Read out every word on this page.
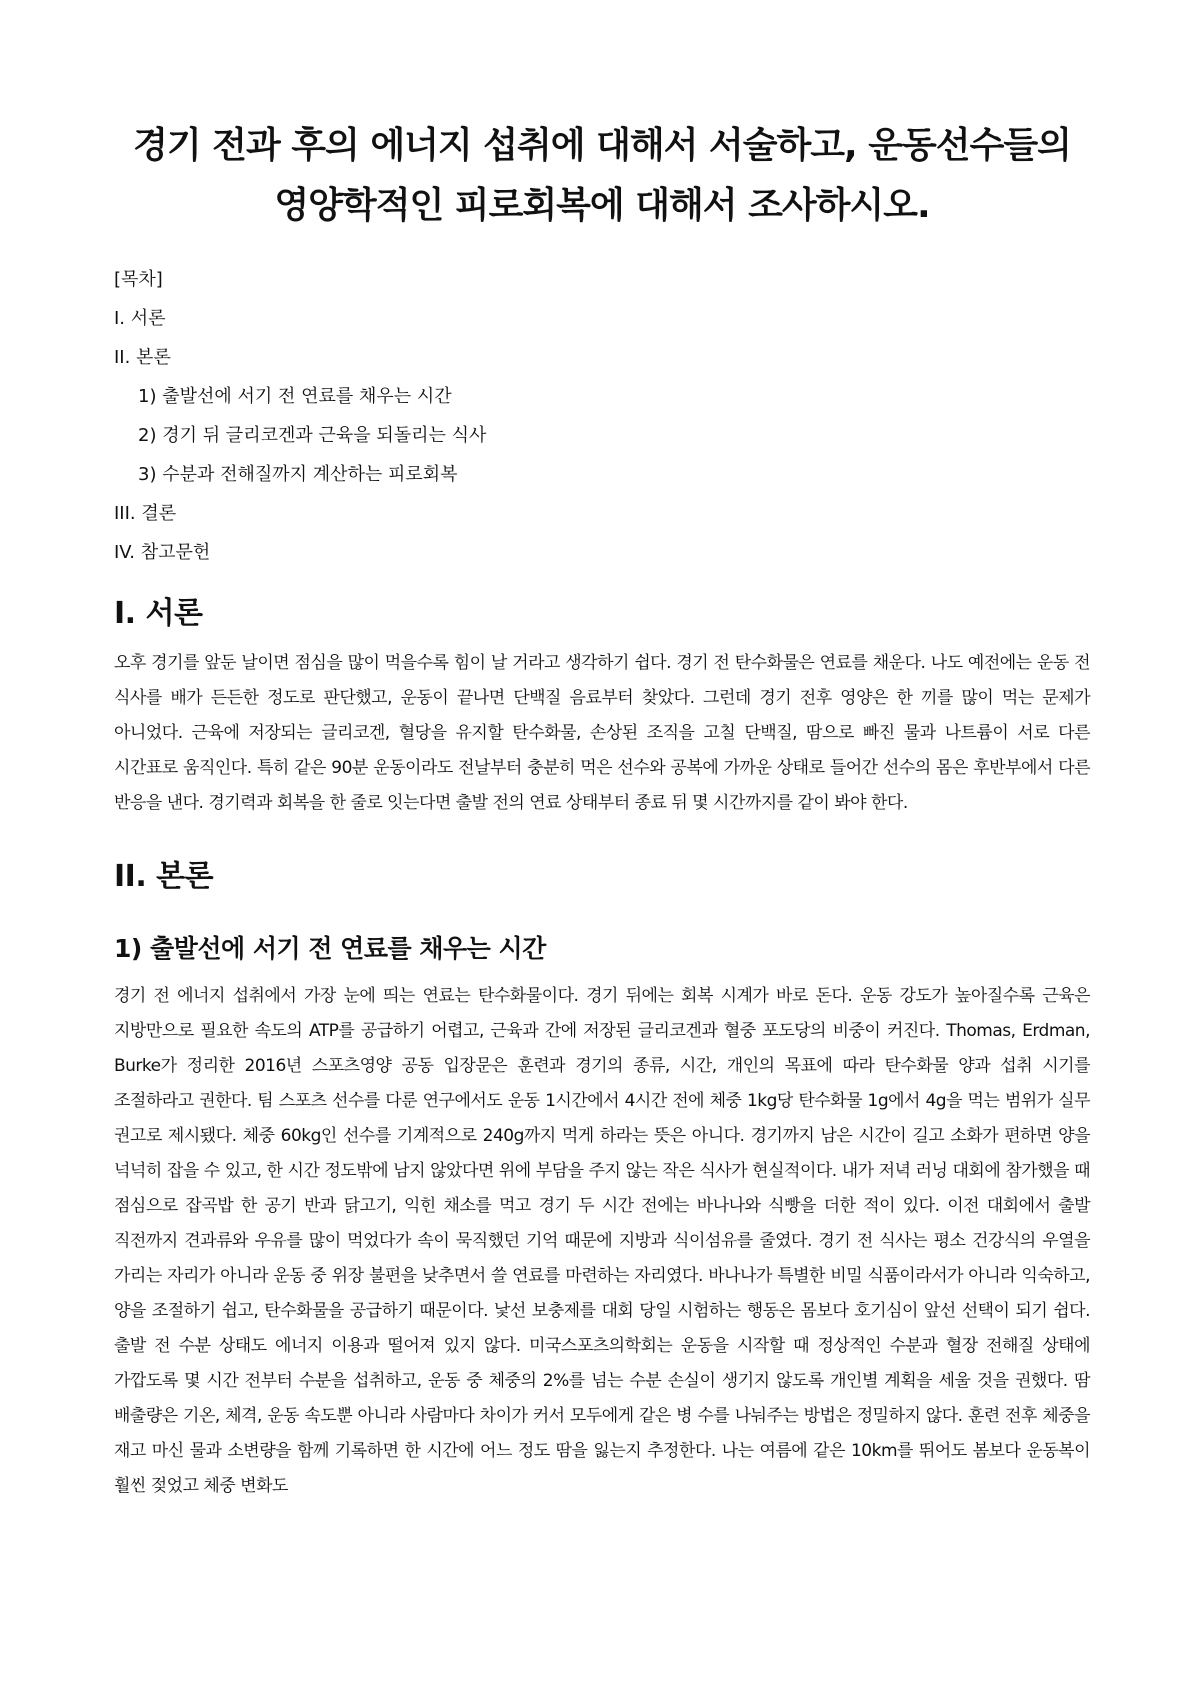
경기 전과 후의 에너지 섭취에 대해서 서술하고, 운동선수들의
영양학적인 피로회복에 대해서 조사하시오.
[목차]
I. 서론
II. 본론
1) 출발선에 서기 전 연료를 채우는 시간
2) 경기 뒤 글리코겐과 근육을 되돌리는 식사
3) 수분과 전해질까지 계산하는 피로회복
III. 결론
IV. 참고문헌
I. 서론

오후 경기를 앞둔 날이면 점심을 많이 먹을수록 힘이 날 거라고 생각하기 쉽다. 경기 전 탄수화물은 연료를 채운다. 나도 예전에는 운동 전 식사를 배가 든든한 정도로 판단했고, 운동이 끝나면 단백질 음료부터 찾았다. 그런데 경기 전후 영양은 한 끼를 많이 먹는 문제가 아니었다. 근육에 저장되는 글리코겐, 혈당을 유지할 탄수화물, 손상된 조직을 고칠 단백질, 땀으로 빠진 물과 나트륨이 서로 다른 시간표로 움직인다. 특히 같은 90분 운동이라도 전날부터 충분히 먹은 선수와 공복에 가까운 상태로 들어간 선수의 몸은 후반부에서 다른 반응을 낸다. 경기력과 회복을 한 줄로 잇는다면 출발 전의 연료 상태부터 종료 뒤 몇 시간까지를 같이 봐야 한다.

II. 본론
1) 출발선에 서기 전 연료를 채우는 시간

경기 전 에너지 섭취에서 가장 눈에 띄는 연료는 탄수화물이다. 경기 뒤에는 회복 시계가 바로 돈다. 운동 강도가 높아질수록 근육은 지방만으로 필요한 속도의 ATP를 공급하기 어렵고, 근육과 간에 저장된 글리코겐과 혈중 포도당의 비중이 커진다. Thomas, Erdman, Burke가 정리한 2016년 스포츠영양 공동 입장문은 훈련과 경기의 종류, 시간, 개인의 목표에 따라 탄수화물 양과 섭취 시기를 조절하라고 권한다. 팀 스포츠 선수를 다룬 연구에서도 운동 1시간에서 4시간 전에 체중 1kg당 탄수화물 1g에서 4g을 먹는 범위가 실무 권고로 제시됐다. 체중 60kg인 선수를 기계적으로 240g까지 먹게 하라는 뜻은 아니다. 경기까지 남은 시간이 길고 소화가 편하면 양을 넉넉히 잡을 수 있고, 한 시간 정도밖에 남지 않았다면 위에 부담을 주지 않는 작은 식사가 현실적이다. 내가 저녁 러닝 대회에 참가했을 때 점심으로 잡곡밥 한 공기 반과 닭고기, 익힌 채소를 먹고 경기 두 시간 전에는 바나나와 식빵을 더한 적이 있다. 이전 대회에서 출발 직전까지 견과류와 우유를 많이 먹었다가 속이 묵직했던 기억 때문에 지방과 식이섬유를 줄였다. 경기 전 식사는 평소 건강식의 우열을 가리는 자리가 아니라 운동 중 위장 불편을 낮추면서 쓸 연료를 마련하는 자리였다. 바나나가 특별한 비밀 식품이라서가 아니라 익숙하고, 양을 조절하기 쉽고, 탄수화물을 공급하기 때문이다. 낯선 보충제를 대회 당일 시험하는 행동은 몸보다 호기심이 앞선 선택이 되기 쉽다. 출발 전 수분 상태도 에너지 이용과 떨어져 있지 않다. 미국스포츠의학회는 운동을 시작할 때 정상적인 수분과 혈장 전해질 상태에 가깝도록 몇 시간 전부터 수분을 섭취하고, 운동 중 체중의 2%를 넘는 수분 손실이 생기지 않도록 개인별 계획을 세울 것을 권했다. 땀 배출량은 기온, 체격, 운동 속도뿐 아니라 사람마다 차이가 커서 모두에게 같은 병 수를 나눠주는 방법은 정밀하지 않다. 훈련 전후 체중을 재고 마신 물과 소변량을 함께 기록하면 한 시간에 어느 정도 땀을 잃는지 추정한다. 나는 여름에 같은 10km를 뛰어도 봄보다 운동복이 훨씬 젖었고 체중 변화도
